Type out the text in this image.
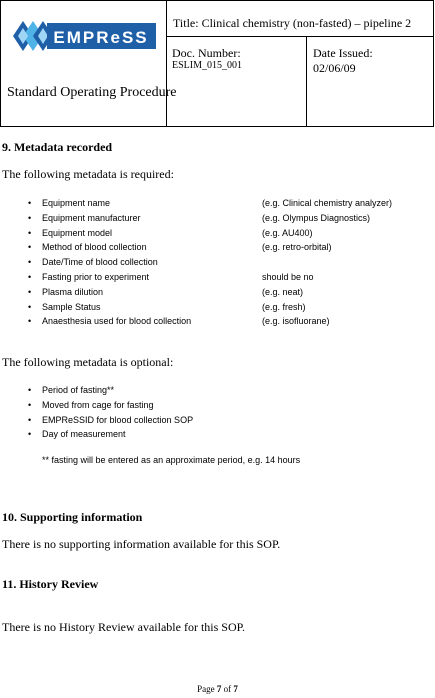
EMPReSS
Standard Operating Procedure
Title: Clinical chemistry (non-fasted) – pipeline 2
Doc. Number:
ESLIM_015_001
Date Issued:
02/06/09
9. Metadata recorded
The following metadata is required:
• Equipment name	(e.g. Clinical chemistry analyzer)
• Equipment manufacturer	(e.g. Olympus Diagnostics)
• Equipment model	(e.g. AU400)
• Method of blood collection	(e.g. retro-orbital)
• Date/Time of blood collection
• Fasting prior to experiment	should be no
• Plasma dilution	(e.g. neat)
• Sample Status	(e.g. fresh)
• Anaesthesia used for blood collection	(e.g. isofluorane)
The following metadata is optional:
• Period of fasting**
• Moved from cage for fasting
• EMPReSSID for blood collection SOP
• Day of measurement
** fasting will be entered as an approximate period, e.g. 14 hours
10. Supporting information
There is no supporting information available for this SOP.
11. History Review
There is no History Review available for this SOP.
Page 7 of 7
